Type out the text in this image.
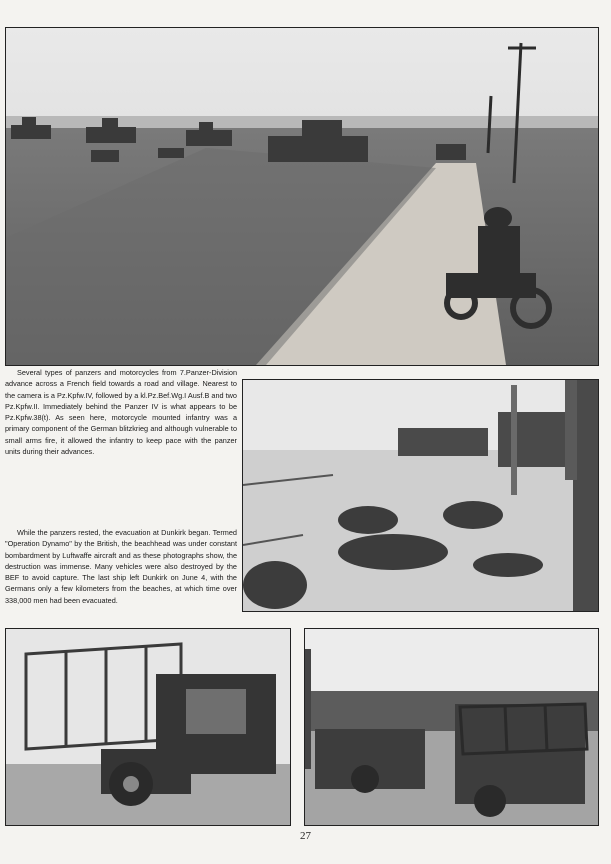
Several types of panzers and motorcycles from 7.Panzer-Division advance across a French field towards a road and village. Nearest to the camera is a Pz.Kpfw.IV, followed by a kl.Pz.Bef.Wg.I Ausf.B and two Pz.Kpfw.II. Immediately behind the Panzer IV is what appears to be Pz.Kpfw.38(t). As seen here, motorcycle mounted infantry was a primary component of the German blitzkrieg and although vulnerable to small arms fire, it allowed the infantry to keep pace with the panzer units during their advances.

While the panzers rested, the evacuation at Dunkirk began. Termed "Operation Dynamo" by the British, the beachhead was under constant bombardment by Luftwaffe aircraft and as these photographs show, the destruction was immense. Many vehicles were also destroyed by the BEF to avoid capture. The last ship left Dunkirk on June 4, with the Germans only a few kilometers from the beaches, at which time over 338,000 men had been evacuated.

27
